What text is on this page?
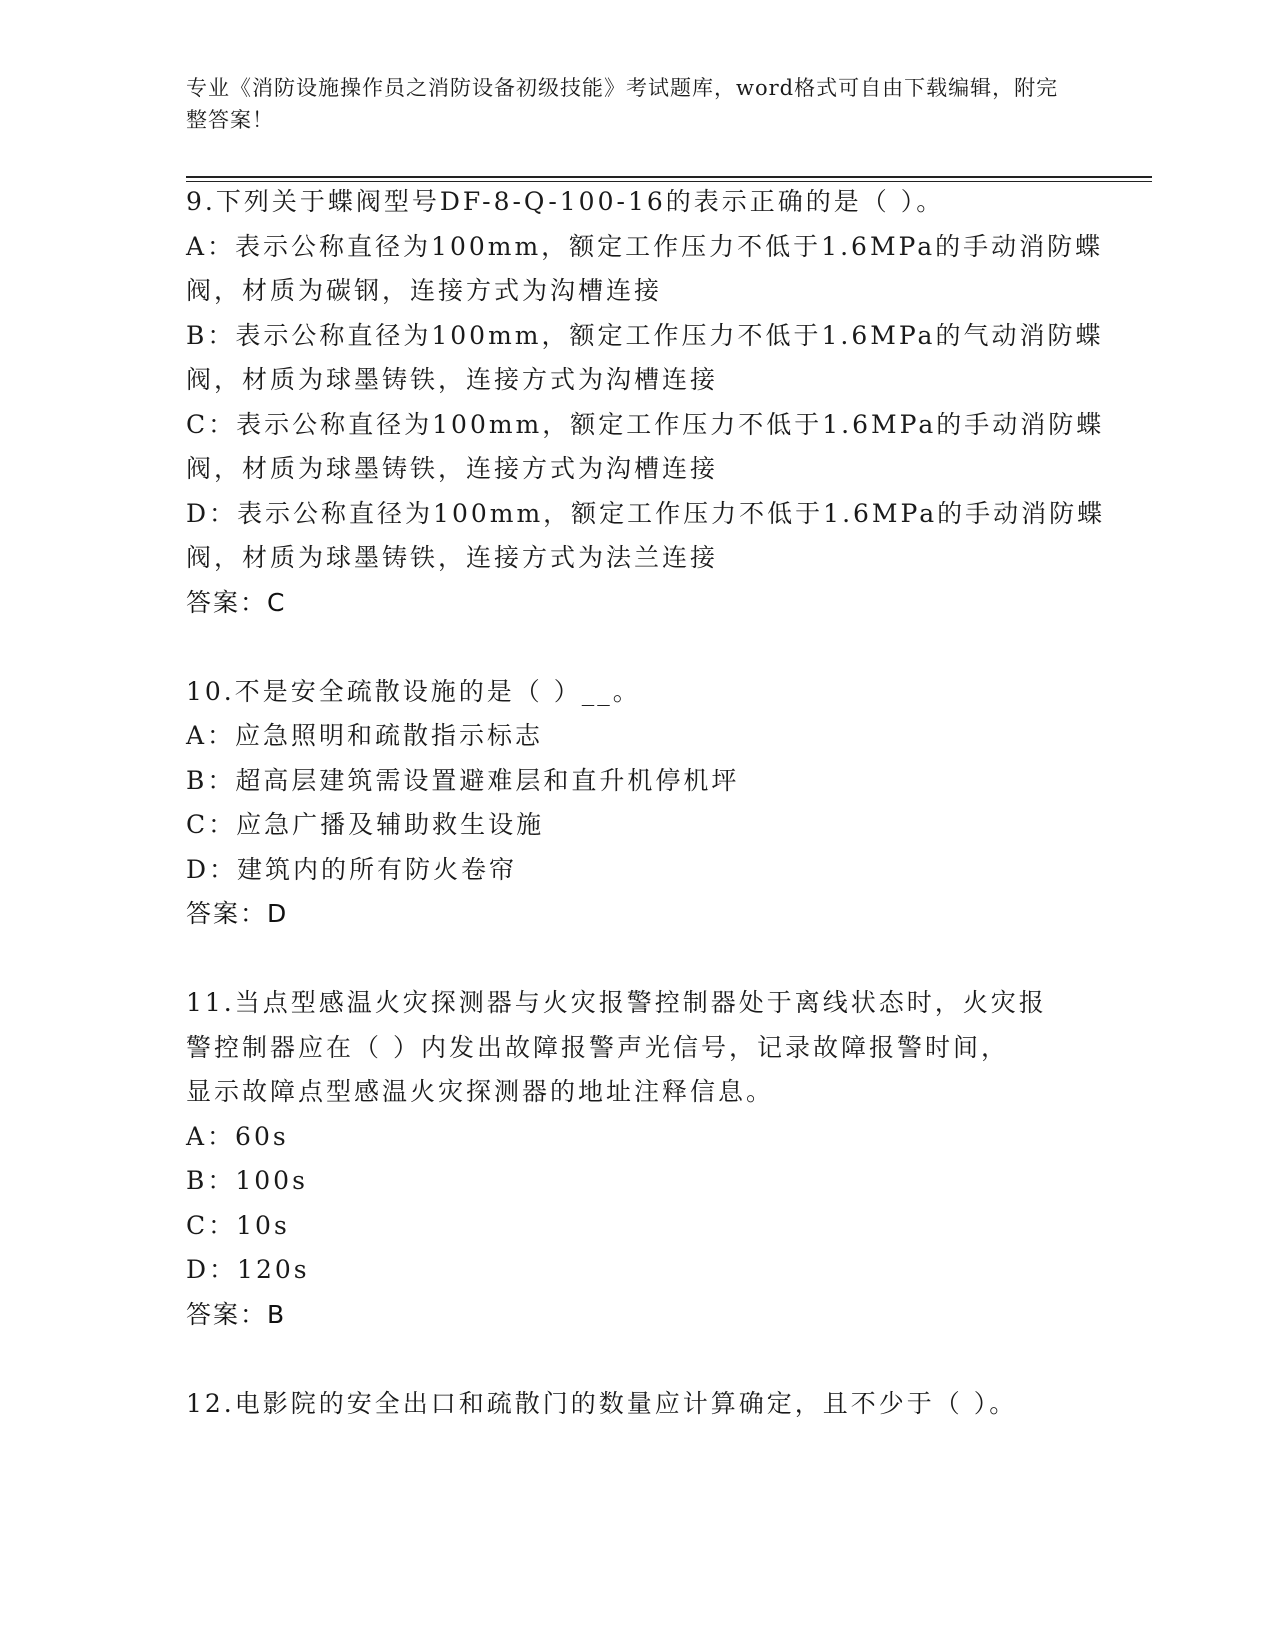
专业《消防设施操作员之消防设备初级技能》考试题库，word格式可自由下载编辑，附完整答案！
9.下列关于蝶阀型号DF-8-Q-100-16的表示正确的是（ ）。
A：表示公称直径为100mm，额定工作压力不低于1.6MPa的手动消防蝶
阀，材质为碳钢，连接方式为沟槽连接
B：表示公称直径为100mm，额定工作压力不低于1.6MPa的气动消防蝶
阀，材质为球墨铸铁，连接方式为沟槽连接
C：表示公称直径为100mm，额定工作压力不低于1.6MPa的手动消防蝶
阀，材质为球墨铸铁，连接方式为沟槽连接
D：表示公称直径为100mm，额定工作压力不低于1.6MPa的手动消防蝶
阀，材质为球墨铸铁，连接方式为法兰连接
答案：C
10.不是安全疏散设施的是（ ）__。
A：应急照明和疏散指示标志
B：超高层建筑需设置避难层和直升机停机坪
C：应急广播及辅助救生设施
D：建筑内的所有防火卷帘
答案：D
11.当点型感温火灾探测器与火灾报警控制器处于离线状态时，火灾报
警控制器应在（ ）内发出故障报警声光信号，记录故障报警时间，
显示故障点型感温火灾探测器的地址注释信息。
A：60s
B：100s
C：10s
D：120s
答案：B
12.电影院的安全出口和疏散门的数量应计算确定，且不少于（ ）。
